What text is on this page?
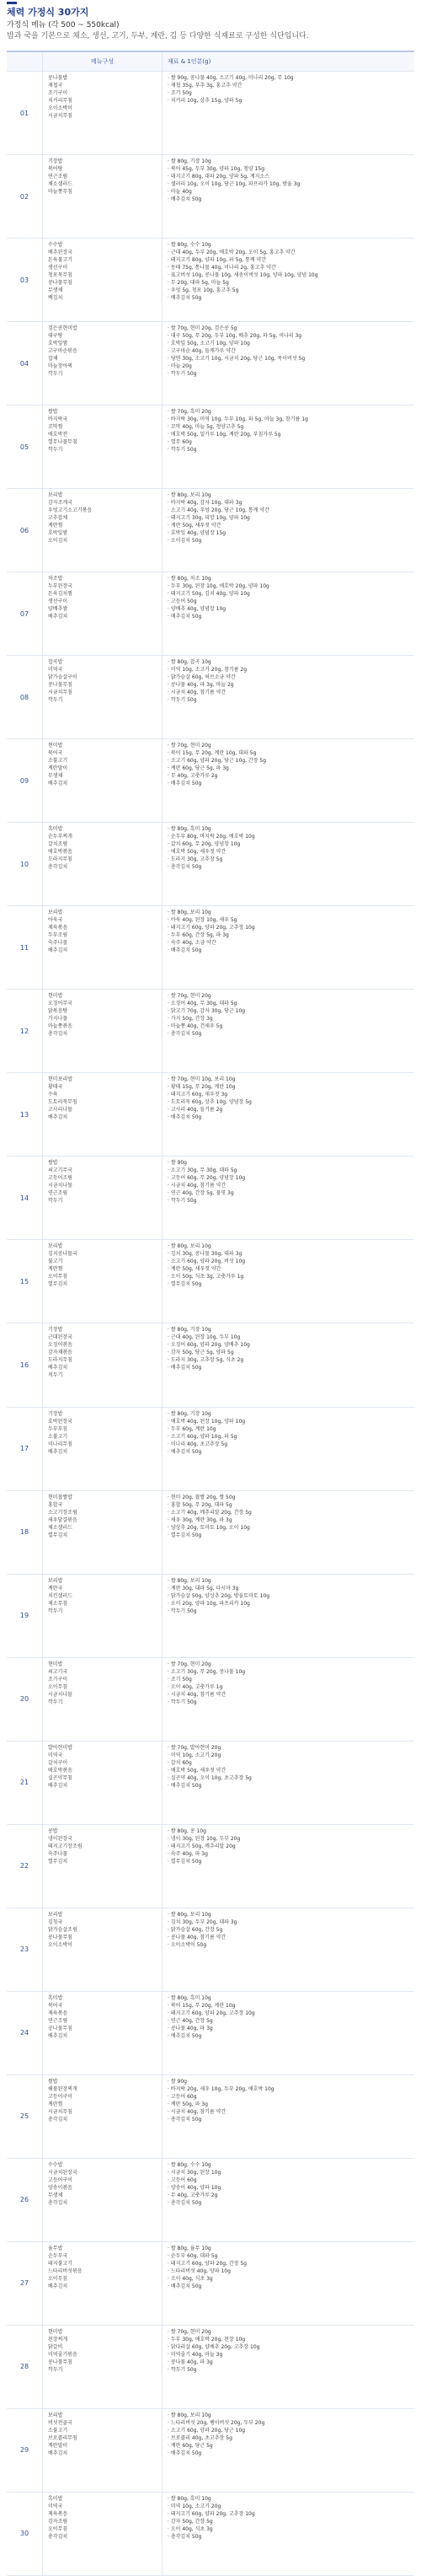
체력 가정식 30가지
가정식 메뉴 (각 500 ~ 550kcal)
밥과 국을 기본으로 채소, 생선, 고기, 두부, 계란, 김 등 다양한 식재료로 구성한 식단입니다.
메뉴구성	재료 & 1인분(g)
01
콩나물밥
재첩국
조기구이
치커리무침
오이소박이
시금치무침
· 쌀 90g, 콩나물 40g, 소고기 40g, 미나리 20g, 무 10g
· 재첩 35g, 부추 3g, 홍고추 약간
· 조기 50g
· 치커리 10g, 상추 15g, 양파 5g
02
기장밥
북어탕
연근조림
채소샐러드
마늘쫑무침
· 쌀 80g, 기장 10g
· 북어 45g, 두부 30g, 양파 10g, 청양 15g
· 돼지고기 80g, 대파 20g, 양파 5g, 계지소스
· 샐러리 10g, 오이 10g, 당근 10g, 파프리카 10g, 방울 3g
· 마늘 40g
· 배추김치 50g
03
수수밥
배추된장국
돈육불고기
생선구이
청포묵무침
콩나물무침
무생채
백김치
· 쌀 80g, 수수 10g
· 근대 40g, 두부 20g, 애호박 20g, 오이 5g, 홍고추 약간
· 돼지고기 80g, 양파 10g, 파 5g, 통깨 약간
· 동태 75g, 통나물 40g, 미나리 2g, 홍고추 약간
· 표고버섯 10g, 콩나물 10g, 새송이버섯 10g, 양파 10g, 양념 10g
· 무 20g, 대파 5g, 마늘 5g
· 우엉 5g, 청포 10g, 홍고추 5g
· 배추김치 50g
04
검은콩현미밥
대구탕
호박잎쌈
고구마순볶음
잡채
마늘장아찌
깍두기
· 쌀 70g, 현미 20g, 검은콩 5g
· 대구 50g, 무 20g, 두부 10g, 배추 20g, 파 5g, 미나리 3g
· 호박잎 50g, 소고기 10g, 양파 10g
· 고구마순 40g, 들깨가루 약간
· 당면 30g, 소고기 10g, 시금치 20g, 당근 10g, 목이버섯 5g
· 마늘 20g
· 깍두기 50g
05
쌀밥
바지락국
꼬막찜
애호박전
열무나물무침
깍두기
· 쌀 70g, 흑미 20g
· 바지락 30g, 미역 10g, 두부 10g, 파 5g, 마늘 3g, 참기름 1g
· 꼬막 40g, 마늘 5g, 청양고추 5g
· 애호박 50g, 밀가루 10g, 계란 20g, 부침가루 5g
· 열무 60g
· 깍두기 50g
06
보리밥
감자조개국
우엉고기소고기볶음
고추잡채
계란찜
호박잎쌈
오이김치
· 쌀 80g, 보리 10g
· 바지락 40g, 감자 10g, 대파 3g
· 소고기 40g, 우엉 20g, 당근 10g, 통깨 약간
· 돼지고기 30g, 피망 10g, 양파 10g
· 계란 50g, 새우젓 약간
· 호박잎 40g, 양념장 15g
· 오이김치 50g
07
차조밥
두부된장국
돈육김치찜
생선구이
양배추쌈
배추김치
· 쌀 80g, 차조 10g
· 두부 30g, 된장 10g, 애호박 20g, 양파 10g
· 돼지고기 50g, 김치 40g, 양파 10g
· 고등어 50g
· 양배추 40g, 양념장 10g
· 배추김치 50g
08
잡곡밥
미역국
닭가슴살구이
콩나물무침
시금치무침
깍두기
· 쌀 80g, 잡곡 10g
· 미역 10g, 소고기 20g, 참기름 2g
· 닭가슴살 60g, 허브소금 약간
· 콩나물 40g, 파 3g, 마늘 2g
· 시금치 40g, 참기름 약간
· 깍두기 50g
09
현미밥
북어국
소불고기
계란말이
무생채
배추김치
· 쌀 70g, 현미 20g
· 북어 15g, 무 20g, 계란 10g, 대파 5g
· 소고기 60g, 양파 20g, 당근 10g, 간장 5g
· 계란 60g, 당근 5g, 파 3g
· 무 40g, 고춧가루 2g
· 배추김치 50g
10
흑미밥
순두부찌개
갈치조림
애호박볶음
도라지무침
총각김치
· 쌀 80g, 흑미 10g
· 순두부 80g, 바지락 20g, 애호박 10g
· 갈치 60g, 무 20g, 양념장 10g
· 애호박 50g, 새우젓 약간
· 도라지 30g, 고추장 5g
· 총각김치 50g
11
보리밥
아욱국
제육볶음
두부조림
숙주나물
배추김치
· 쌀 80g, 보리 10g
· 아욱 40g, 된장 10g, 새우 5g
· 돼지고기 60g, 양파 20g, 고추장 10g
· 두부 60g, 간장 5g, 파 3g
· 숙주 40g, 소금 약간
· 배추김치 50g
12
현미밥
오징어무국
닭볶음탕
가지나물
마늘쫑볶음
총각김치
· 쌀 70g, 현미 20g
· 오징어 40g, 무 30g, 대파 5g
· 닭고기 70g, 감자 30g, 당근 10g
· 가지 50g, 간장 3g
· 마늘쫑 40g, 건새우 5g
· 총각김치 50g
13
현미보리밥
황태국
수육
도토리묵무침
고사리나물
배추김치
· 쌀 70g, 현미 10g, 보리 10g
· 황태 15g, 무 20g, 계란 10g
· 돼지고기 60g, 새우젓 3g
· 도토리묵 60g, 상추 10g, 양념장 5g
· 고사리 40g, 들기름 2g
· 배추김치 50g
14
쌀밥
쇠고기무국
고등어조림
시금치나물
연근조림
깍두기
· 쌀 90g
· 소고기 30g, 무 30g, 대파 5g
· 고등어 60g, 무 20g, 양념장 10g
· 시금치 40g, 참기름 약간
· 연근 40g, 간장 5g, 물엿 3g
· 깍두기 50g
15
보리밥
김치콩나물국
불고기
계란찜
오이무침
열무김치
· 쌀 80g, 보리 10g
· 김치 30g, 콩나물 30g, 대파 3g
· 소고기 60g, 양파 20g, 버섯 10g
· 계란 50g, 새우젓 약간
· 오이 50g, 식초 3g, 고춧가루 1g
· 열무김치 50g
16
기장밥
근대된장국
오징어볶음
감자채볶음
도라지무침
배추김치
적두기
· 쌀 80g, 기장 10g
· 근대 40g, 된장 10g, 두부 10g
· 오징어 60g, 양파 20g, 양배추 10g
· 감자 50g, 당근 5g, 양파 5g
· 도라지 30g, 고추장 5g, 식초 2g
· 배추김치 50g
17
기장밥
호박된장국
두부부침
소불고기
미나리무침
배추김치
· 쌀 80g, 기장 10g
· 애호박 40g, 된장 10g, 양파 10g
· 두부 60g, 계란 10g
· 소고기 60g, 양파 10g, 파 5g
· 미나리 40g, 초고추장 5g
· 배추김치 50g
18
현미찹쌀밥
홍합국
소고기장조림
새우달걀볶음
채소샐러드
열무김치
· 현미 20g, 찹쌀 20g, 쌀 50g
· 홍합 50g, 무 20g, 대파 5g
· 소고기 40g, 메추리알 20g, 간장 5g
· 새우 30g, 계란 30g, 파 3g
· 양상추 20g, 토마토 10g, 오이 10g
· 열무김치 50g
19
보리밥
계란국
치킨샐러드
채소무침
깍두기
· 쌀 80g, 보리 10g
· 계란 30g, 대파 5g, 다시마 3g
· 닭가슴살 50g, 양상추 20g, 방울토마토 10g
· 오이 20g, 양파 10g, 파프리카 10g
· 깍두기 50g
20
현미밥
쇠고기국
조기구이
오이무침
시금치나물
깍두기
· 쌀 70g, 현미 20g
· 소고기 30g, 무 20g, 콩나물 10g
· 조기 50g
· 오이 40g, 고춧가루 1g
· 시금치 40g, 참기름 약간
· 깍두기 50g
21
발아현미밥
미역국
갈치구이
애호박볶음
실곤약무침
배추김치
· 쌀 70g, 발아현미 20g
· 미역 10g, 소고기 20g
· 갈치 60g
· 애호박 50g, 새우젓 약간
· 실곤약 40g, 오이 10g, 초고추장 5g
· 배추김치 50g
22
콩밥
냉이된장국
돼지고기장조림
숙주나물
열무김치
· 쌀 80g, 콩 10g
· 냉이 30g, 된장 10g, 두부 20g
· 돼지고기 50g, 메추리알 20g
· 숙주 40g, 파 3g
· 열무김치 50g
23
보리밥
김칫국
닭가슴살조림
콩나물무침
오이소박이
· 쌀 80g, 보리 10g
· 김치 30g, 두부 20g, 대파 3g
· 닭가슴살 60g, 간장 5g
· 콩나물 40g, 참기름 약간
· 오이소박이 50g
24
흑미밥
북어국
제육볶음
연근조림
공나물무침
배추김치
· 쌀 80g, 흑미 10g
· 북어 15g, 무 20g, 계란 10g
· 돼지고기 60g, 양파 20g, 고추장 10g
· 연근 40g, 간장 5g
· 콩나물 40g, 파 3g
· 배추김치 50g
25
쌀밥
해물된장찌개
고등어구이
계란찜
시금치무침
총각김치
· 쌀 90g
· 바지락 20g, 새우 10g, 두부 20g, 애호박 10g
· 고등어 60g
· 계란 50g, 파 3g
· 시금치 40g, 참기름 약간
· 총각김치 50g
26
수수밥
시금치된장국
고등어구이
양송이볶음
무생채
총각김치
· 쌀 80g, 수수 10g
· 시금치 30g, 된장 10g
· 고등어 60g
· 양송이 40g, 양파 10g
· 무 40g, 고춧가루 2g
· 총각김치 50g
27
율무밥
순두부국
돼지불고기
느타리버섯볶음
오이무침
배추김치
· 쌀 80g, 율무 10g
· 순두부 60g, 대파 5g
· 돼지고기 60g, 양파 20g, 간장 5g
· 느타리버섯 40g, 양파 10g
· 오이 40g, 식초 3g
· 배추김치 50g
28
현미밥
된장찌개
닭갈비
미역줄기볶음
콩나물무침
깍두기
· 쌀 70g, 현미 20g
· 두부 30g, 애호박 20g, 된장 10g
· 닭다리살 60g, 양배추 20g, 고추장 10g
· 미역줄기 40g, 마늘 3g
· 콩나물 40g, 파 3g
· 깍두기 50g
29
보리밥
버섯전골국
소불고기
브로콜리무침
계란말이
배추김치
· 쌀 80g, 보리 10g
· 느타리버섯 20g, 팽이버섯 20g, 두부 20g
· 소고기 60g, 양파 20g, 당근 10g
· 브로콜리 40g, 초고추장 5g
· 계란 60g, 당근 5g
· 배추김치 50g
30
흑미밥
미역국
제육볶음
감자조림
오이무침
총각김치
· 쌀 80g, 흑미 10g
· 미역 10g, 소고기 20g
· 돼지고기 60g, 양파 20g, 고추장 10g
· 감자 50g, 간장 5g
· 오이 40g, 식초 3g
· 총각김치 50g
